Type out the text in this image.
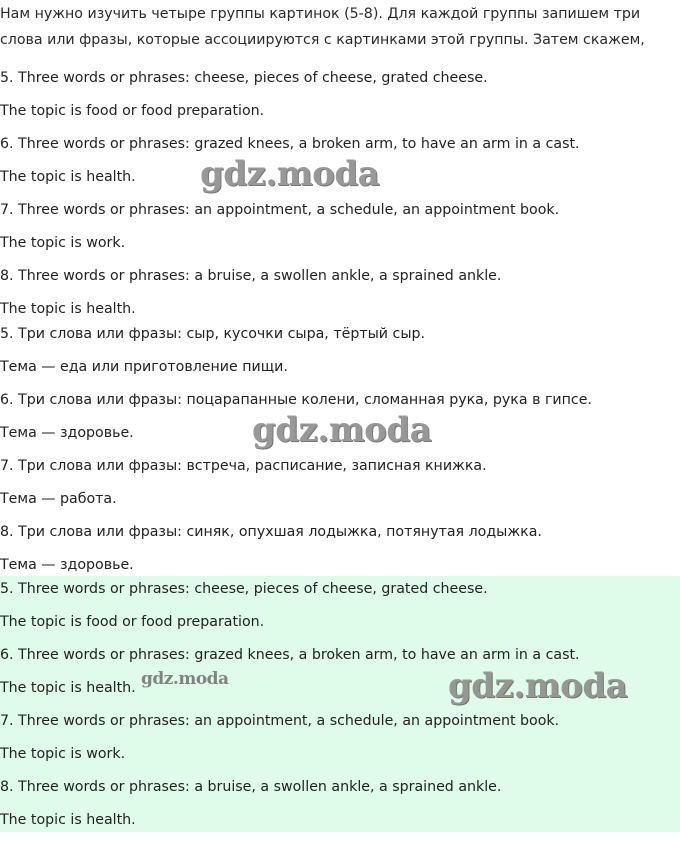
Нам нужно изучить четыре группы картинок (5-8). Для каждой группы запишем три
слова или фразы, которые ассоциируются с картинками этой группы. Затем скажем,
5. Three words or phrases: cheese, pieces of cheese, grated cheese.
The topic is food or food preparation.
6. Three words or phrases: grazed knees, a broken arm, to have an arm in a cast.
The topic is health.
7. Three words or phrases: an appointment, a schedule, an appointment book.
The topic is work.
8. Three words or phrases: a bruise, a swollen ankle, a sprained ankle.
The topic is health.
5. Три слова или фразы: сыр, кусочки сыра, тёртый сыр.
Тема — еда или приготовление пищи.
6. Три слова или фразы: поцарапанные колени, сломанная рука, рука в гипсе.
Тема — здоровье.
7. Три слова или фразы: встреча, расписание, записная книжка.
Тема — работа.
8. Три слова или фразы: синяк, опухшая лодыжка, потянутая лодыжка.
Тема — здоровье.
5. Three words or phrases: cheese, pieces of cheese, grated cheese.
The topic is food or food preparation.
6. Three words or phrases: grazed knees, a broken arm, to have an arm in a cast.
The topic is health.
7. Three words or phrases: an appointment, a schedule, an appointment book.
The topic is work.
8. Three words or phrases: a bruise, a swollen ankle, a sprained ankle.
The topic is health.
gdz.moda
gdz.moda
gdz.moda	gdz.moda
